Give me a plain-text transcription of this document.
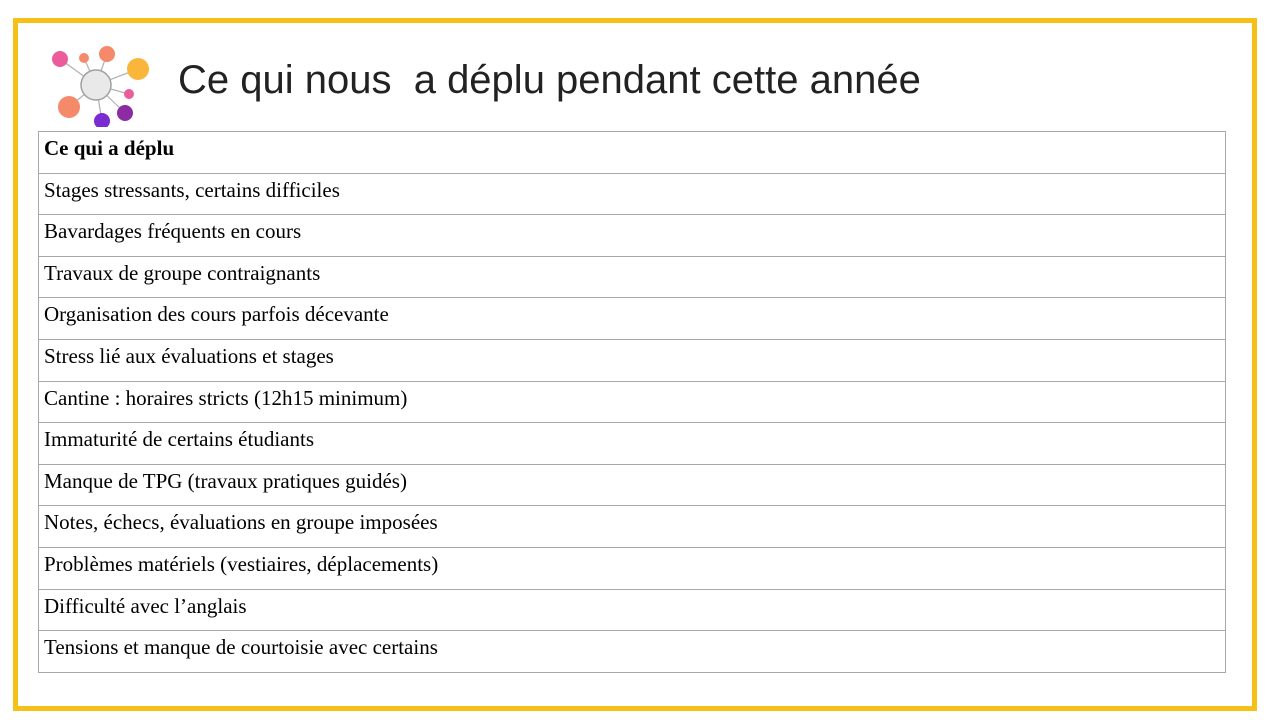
Ce qui nous  a déplu pendant cette année
Ce qui a déplu
Stages stressants, certains difficiles
Bavardages fréquents en cours
Travaux de groupe contraignants
Organisation des cours parfois décevante
Stress lié aux évaluations et stages
Cantine : horaires stricts (12h15 minimum)
Immaturité de certains étudiants
Manque de TPG (travaux pratiques guidés)
Notes, échecs, évaluations en groupe imposées
Problèmes matériels (vestiaires, déplacements)
Difficulté avec l’anglais
Tensions et manque de courtoisie avec certains
